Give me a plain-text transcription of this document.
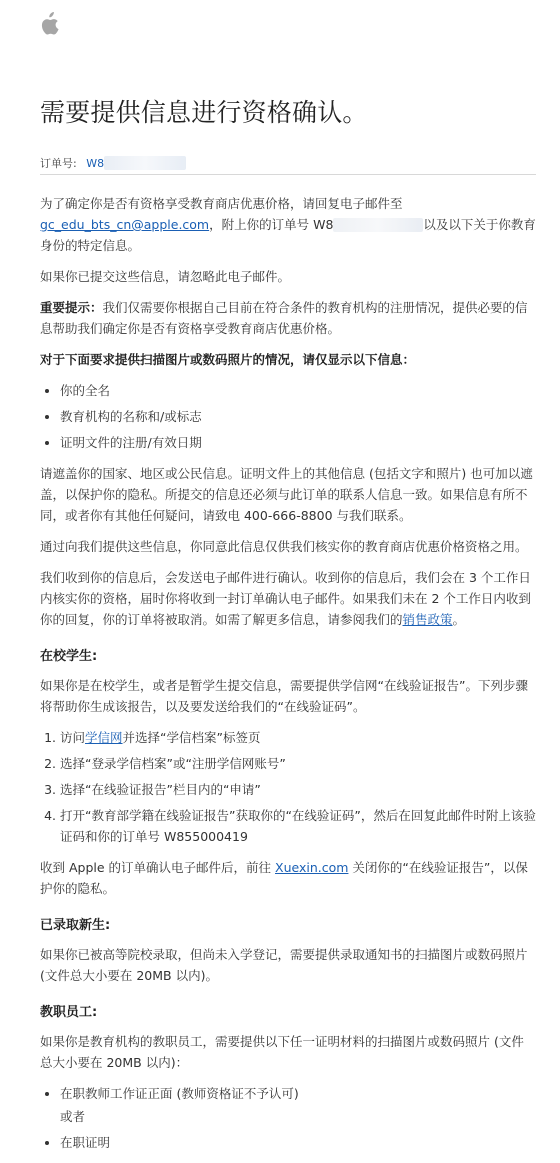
需要提供信息进行资格确认。
订单号: W8

为了确定你是否有资格享受教育商店优惠价格，请回复电子邮件至
gc_edu_bts_cn@apple.com，附上你的订单号 W8	以及以下关于你教育身份的特定信息。

如果你已提交这些信息，请忽略此电子邮件。

重要提示：我们仅需要你根据自己目前在符合条件的教育机构的注册情况，提供必要的信息帮助我们确定你是否有资格享受教育商店优惠价格。

对于下面要求提供扫描图片或数码照片的情况，请仅显示以下信息：

• 你的全名
• 教育机构的名称和/或标志
• 证明文件的注册/有效日期

请遮盖你的国家、地区或公民信息。证明文件上的其他信息 (包括文字和照片) 也可加以遮盖，以保护你的隐私。所提交的信息还必须与此订单的联系人信息一致。如果信息有所不同，或者你有其他任何疑问，请致电 400-666-8800 与我们联系。

通过向我们提供这些信息，你同意此信息仅供我们核实你的教育商店优惠价格资格之用。

我们收到你的信息后，会发送电子邮件进行确认。收到你的信息后，我们会在 3 个工作日内核实你的资格，届时你将收到一封订单确认电子邮件。如果我们未在 2 个工作日内收到你的回复，你的订单将被取消。如需了解更多信息，请参阅我们的销售政策。

在校学生:

如果你是在校学生，或者是暂学生提交信息，需要提供学信网“在线验证报告”。下列步骤将帮助你生成该报告，以及要发送给我们的“在线验证码”。

1. 访问学信网并选择“学信档案”标签页
2. 选择“登录学信档案”或“注册学信网账号”
3. 选择“在线验证报告”栏目内的“申请”
4. 打开“教育部学籍在线验证报告”获取你的“在线验证码”，然后在回复此邮件时附上该验证码和你的订单号 W855000419

收到 Apple 的订单确认电子邮件后，前往 Xuexin.com 关闭你的“在线验证报告”，以保护你的隐私。

已录取新生:

如果你已被高等院校录取，但尚未入学登记，需要提供录取通知书的扫描图片或数码照片 (文件总大小要在 20MB 以内)。

教职员工:

如果你是教育机构的教职员工，需要提供以下任一证明材料的扫描图片或数码照片 (文件总大小要在 20MB 以内)：

• 在职教师工作证正面 (教师资格证不予认可)
或者
• 在职证明
